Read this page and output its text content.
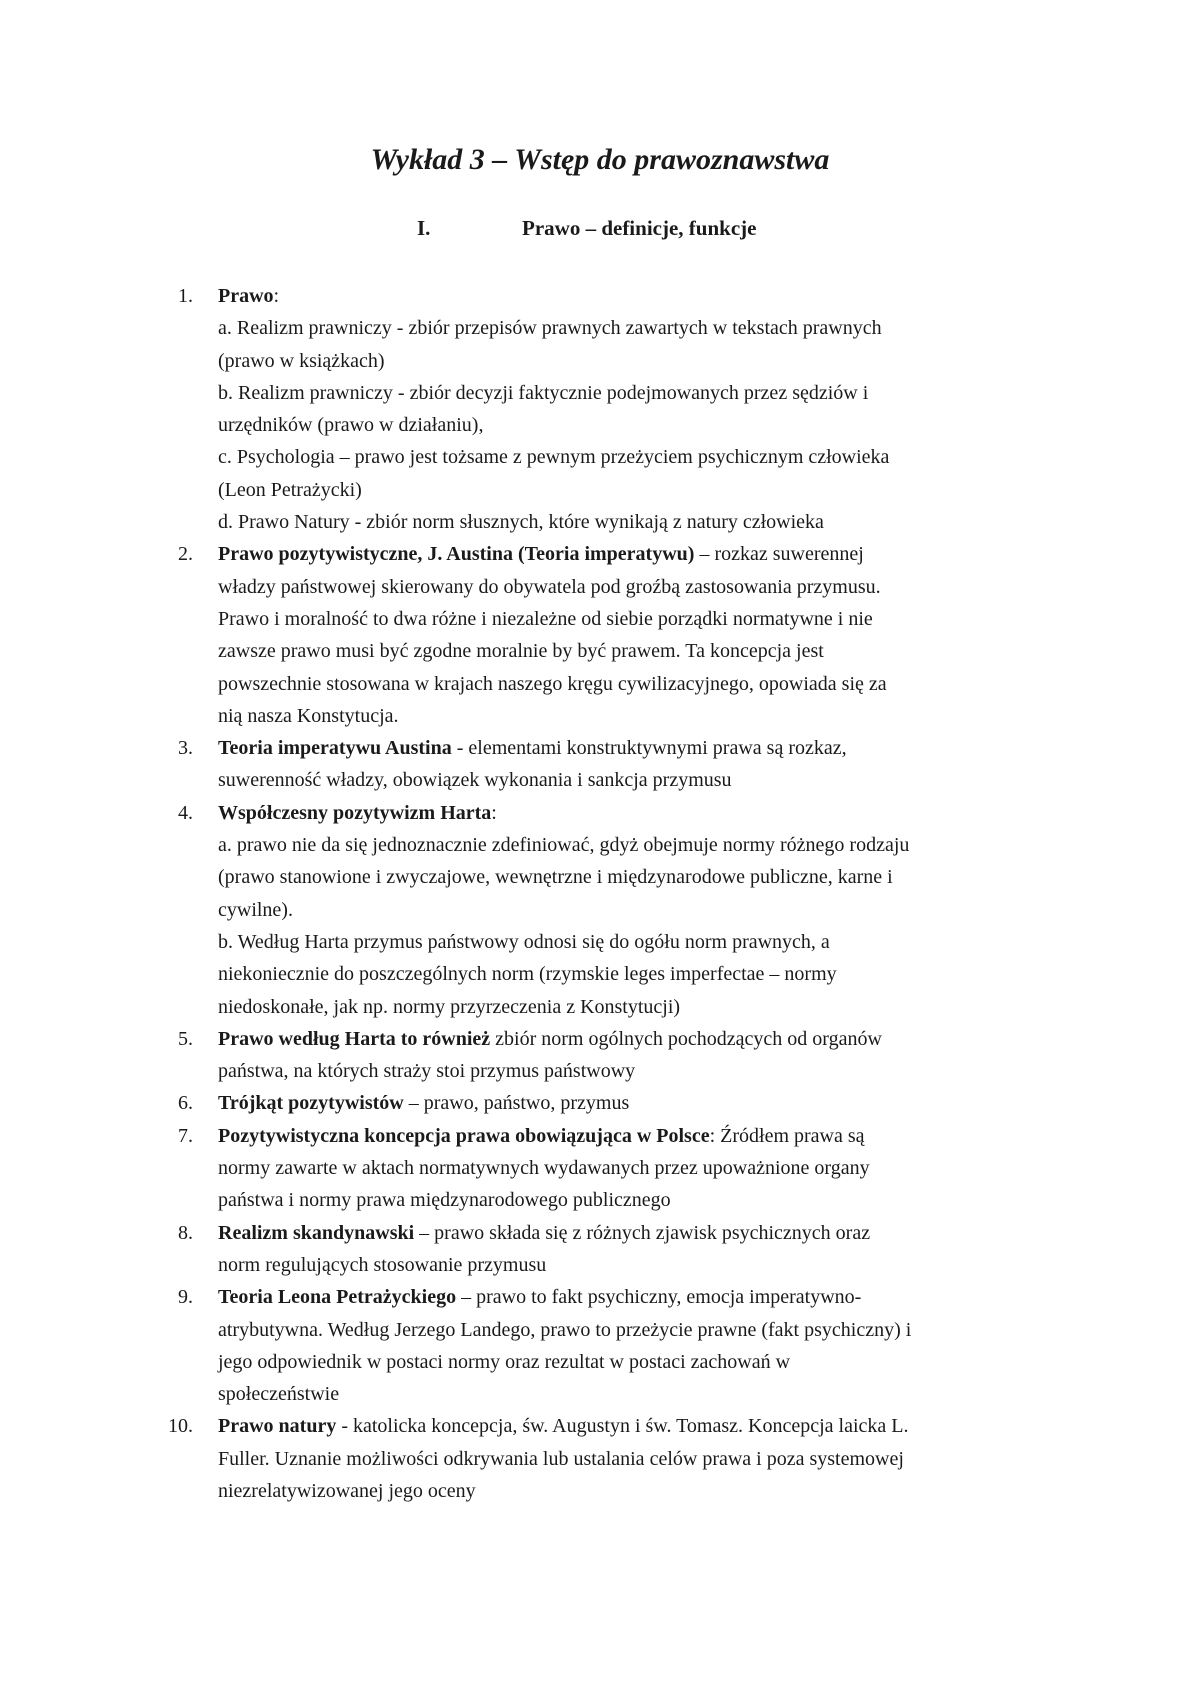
Wykład 3 – Wstęp do prawoznawstwa
I.	Prawo – definicje, funkcje
1. Prawo:
a. Realizm prawniczy - zbiór przepisów prawnych zawartych w tekstach prawnych
(prawo w książkach)
b. Realizm prawniczy - zbiór decyzji faktycznie podejmowanych przez sędziów i
urzędników (prawo w działaniu),
c. Psychologia – prawo jest tożsame z pewnym przeżyciem psychicznym człowieka
(Leon Petrażycki)
d. Prawo Natury - zbiór norm słusznych, które wynikają z natury człowieka
2. Prawo pozytywistyczne, J. Austina (Teoria imperatywu) – rozkaz suwerennej
władzy państwowej skierowany do obywatela pod groźbą zastosowania przymusu.
Prawo i moralność to dwa różne i niezależne od siebie porządki normatywne i nie
zawsze prawo musi być zgodne moralnie by być prawem. Ta koncepcja jest
powszechnie stosowana w krajach naszego kręgu cywilizacyjnego, opowiada się za
nią nasza Konstytucja.
3. Teoria imperatywu Austina - elementami konstruktywnymi prawa są rozkaz,
suwerenność władzy, obowiązek wykonania i sankcja przymusu
4. Współczesny pozytywizm Harta:
a. prawo nie da się jednoznacznie zdefiniować, gdyż obejmuje normy różnego rodzaju
(prawo stanowione i zwyczajowe, wewnętrzne i międzynarodowe publiczne, karne i
cywilne).
b. Według Harta przymus państwowy odnosi się do ogółu norm prawnych, a
niekoniecznie do poszczególnych norm (rzymskie leges imperfectae – normy
niedoskonałe, jak np. normy przyrzeczenia z Konstytucji)
5. Prawo według Harta to również zbiór norm ogólnych pochodzących od organów
państwa, na których straży stoi przymus państwowy
6. Trójkąt pozytywistów – prawo, państwo, przymus
7. Pozytywistyczna koncepcja prawa obowiązująca w Polsce: Źródłem prawa są
normy zawarte w aktach normatywnych wydawanych przez upoważnione organy
państwa i normy prawa międzynarodowego publicznego
8. Realizm skandynawski – prawo składa się z różnych zjawisk psychicznych oraz
norm regulujących stosowanie przymusu
9. Teoria Leona Petrażyckiego – prawo to fakt psychiczny, emocja imperatywno-
atrybutywna. Według Jerzego Landego, prawo to przeżycie prawne (fakt psychiczny) i
jego odpowiednik w postaci normy oraz rezultat w postaci zachowań w
społeczeństwie
10. Prawo natury - katolicka koncepcja, św. Augustyn i św. Tomasz. Koncepcja laicka L.
Fuller. Uznanie możliwości odkrywania lub ustalania celów prawa i poza systemowej
niezrelatywizowanej jego oceny
